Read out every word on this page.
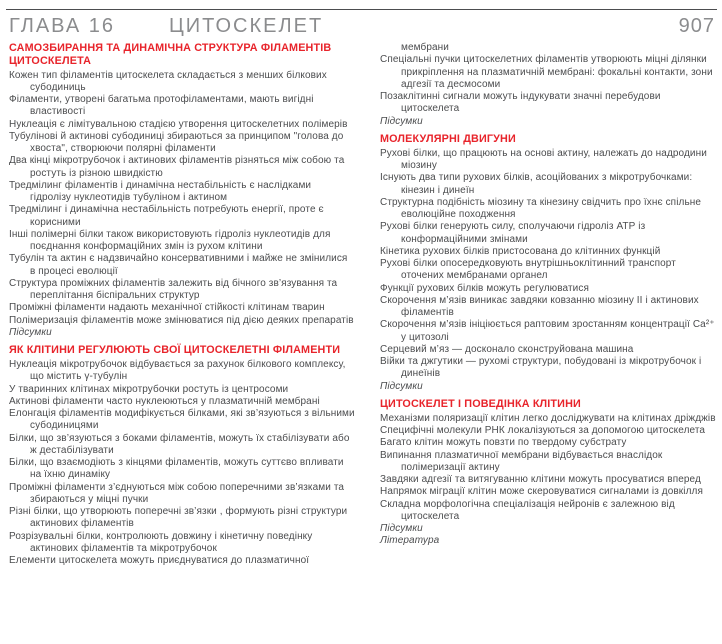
ГЛАВА 16	ЦИТОСКЕЛЕТ	907
САМОЗБИРАННЯ ТА ДИНАМІЧНА СТРУКТУРА ФІЛАМЕНТІВ ЦИТОСКЕЛЕТА
Кожен тип філаментів цитоскелета складається з менших білкових субодиниць
Філаменти, утворені багатьма протофіламентами, мають вигідні властивості
Нуклеація є лімітувальною стадією утворення цитоскелетних полімерів
Тубулінові й актинові субодиниці збираються за принципом "голова до хвоста", створюючи полярні філаменти
Два кінці мікротрубочок і актинових філаментів різняться між собою та ростуть із різною швидкістю
Тредмілинг філаментів і динамічна нестабільність є наслідками гідролізу нуклеотидів тубуліном і актином
Тредмілинг і динамічна нестабільність потребують енергії, проте є корисними
Інші полімерні білки також використовують гідроліз нуклеотидів для поєднання конформаційних змін із рухом клітини
Тубулін та актин є надзвичайно консервативними і майже не змінилися в процесі еволюції
Структура проміжних філаментів залежить від бічного зв’язування та переплітання біспіральних структур
Проміжні філаменти надають механічної стійкості клітинам тварин
Полімеризація філаментів може змінюватися під дією деяких препаратів
Підсумки
ЯК КЛІТИНИ РЕГУЛЮЮТЬ СВОЇ ЦИТОСКЕЛЕТНІ ФІЛАМЕНТИ
Нуклеація мікротрубочок відбувається за рахунок білкового комплексу, що містить γ-тубулін
У тваринних клітинах мікротрубочки ростуть із центросоми
Актинові філаменти часто нуклеюються у плазматичній мембрані
Елонгація філаментів модифікується білками, які зв’язуються з вільними субодиницями
Білки, що зв’язуються з боками філаментів, можуть їх стабілізувати або ж дестабілізувати
Білки, що взаємодіють з кінцями філаментів, можуть суттєво впливати на їхню динаміку
Проміжні філаменти з’єднуються між собою поперечними зв’язками та збираються у міцні пучки
Різні білки, що утворюють поперечні зв’язки , формують різні структури актинових філаментів
Розрізувальні білки, контролюють довжину і кінетичну поведінку актинових філаментів та мікротрубочок
Елементи цитоскелета можуть приєднуватися до плазматичної
мембрани
Спеціальні пучки цитоскелетних філаментів утворюють міцні ділянки прикріплення на плазматичній мембрані: фокальні контакти, зони адгезії та десмосоми
Позаклітинні сигнали можуть індукувати значні перебудови цитоскелета
Підсумки
МОЛЕКУЛЯРНІ ДВИГУНИ
Рухові білки, що працюють на основі актину, належать до надродини міозину
Існують два типи рухових білків, асоційованих з мікротрубочками: кінезин і динеїн
Структурна подібність міозину та кінезину свідчить про їхнє спільне еволюційне походження
Рухові білки генерують силу, сполучаючи гідроліз АТР із конформаційними змінами
Кінетика рухових білків пристосована до клітинних функцій
Рухові білки опосередковують внутрішньоклітинний транспорт оточених мембранами органел
Функції рухових білків можуть регулюватися
Скорочення м’язів виникає завдяки ковзанню міозину II і актинових філаментів
Скорочення м’язів ініціюється раптовим зростанням концентрації Ca²⁺ у цитозолі
Серцевий м’яз — досконало сконструйована машина
Війки та джгутики — рухомі структури, побудовані із мікротрубочок і динеїнів
Підсумки
ЦИТОСКЕЛЕТ І ПОВЕДІНКА КЛІТИНИ
Механізми поляризації клітин легко досліджувати на клітинах дріжджів
Специфічні молекули РНК локалізуються за допомогою цитоскелета
Багато клітин можуть повзти по твердому субстрату
Випинання плазматичної мембрани відбувається внаслідок полімеризації актину
Завдяки адгезії та витягуванню клітини можуть просуватися вперед
Напрямок міграції клітин може скеровуватися сигналами із довкілля
Складна морфологічна спеціалізація нейронів є залежною від цитоскелета
Підсумки
Література
